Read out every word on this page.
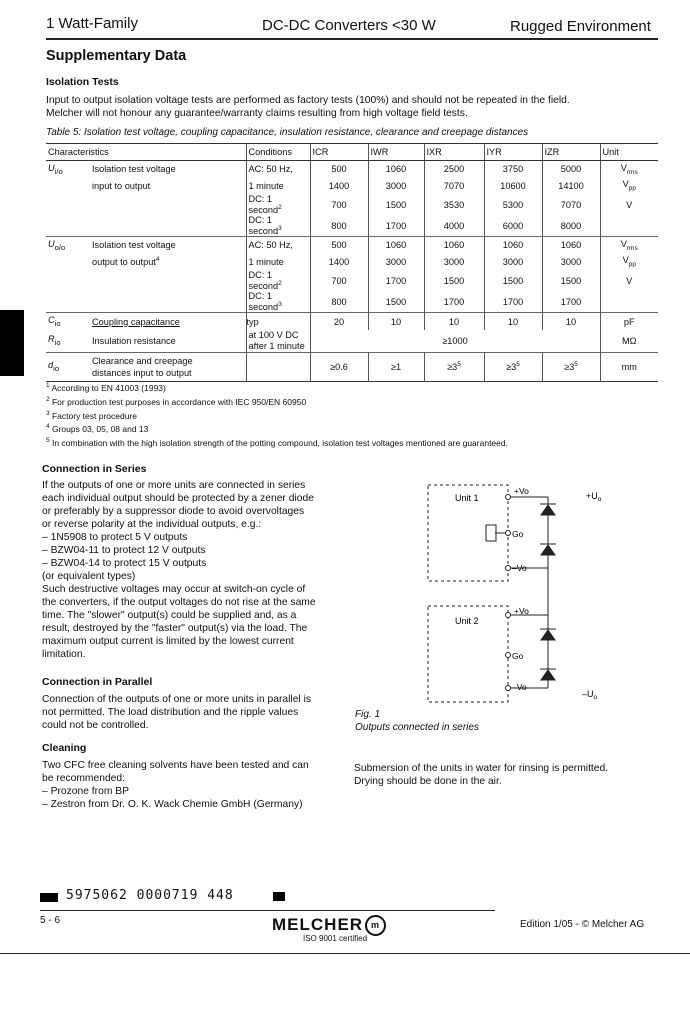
1 Watt-Family	DC-DC Converters <30 W	Rugged Environment
Supplementary Data
Isolation Tests

Input to output isolation voltage tests are performed as factory tests (100%) and should not be repeated in the field.

Melcher will not honour any guarantee/warranty claims resulting from high voltage field tests.

Table 5: Isolation test voltage, coupling capacitance, insulation resistance, clearance and creepage distances
Characteristics		Conditions	ICR	IWR	IXR	IYR	IZR	Unit
$U_{i/o}$	Isolation test voltage	AC: 50 Hz,	500	1060	2500	3750	5000	$V_{rms}$
	input to output	1 minute	1400	3000	7070	10600	14100	$V_{pp}$
		DC: 1 second$^2$	700	1500	3530	5300	7070	V
		DC: 1 second$^3$	800	1700	4000	6000	8000	
$U_{o/o}$	Isolation test voltage	AC: 50 Hz,	500	1060	1060	1060	1060	$V_{rms}$
	output to output$^4$	1 minute	1400	3000	3000	3000	3000	$V_{pp}$
		DC: 1 second$^2$	700	1700	1500	1500	1500	V
		DC: 1 second$^3$	800	1500	1700	1700	1700	
$C_{io}$	Coupling capacitance	typ	20	10	10	10	10	pF
$R_{io}$	Insulation resistance	at 100 V DC
after 1 minute	≥1000					MΩ
$d_{io}$	Clearance and creepage
distances input to output		≥0.6	≥1	$\ge 3^5$	$\ge 3^5$	$\ge 3^5$	mm
$^1$ According to EN 41003 (1993)
$^2$ For production test purposes in accordance with IEC 950/EN 60950
$^3$ Factory test procedure
$^4$ Groups 03, 05, 08 and 13
$^5$ In combination with the high isolation strength of the potting compound, isolation test voltages mentioned are guaranteed.
Connection in Series
If the outputs of one or more units are connected in series
each individual output should be protected by a zener diode
or preferably by a suppressor diode to avoid overvoltages
or reverse polarity at the individual outputs, e.g.:
– 1N5908 to protect 5 V outputs
– BZW04-11 to protect 12 V outputs
– BZW04-14 to protect 15 V outputs
(or equivalent types)
Such destructive voltages may occur at switch-on cycle of
the converters, if the output voltages do not rise at the same
time. The "slower" output(s) could be supplied and, as a
result, destroyed by the "faster" output(s) via the load. The
maximum output current is limited by the lowest current
limitation.
Connection in Parallel
Connection of the outputs of one or more units in parallel is
not permitted. The load distribution and the ripple values
could not be controlled.
Cleaning
Two CFC free cleaning solvents have been tested and can
be recommended:
– Prozone from BP
– Zestron from Dr. O. K. Wack Chemie GmbH (Germany)

Submersion of the units in water for rinsing is permitted.

Drying should be done in the air.

Unit 1
Unit 2
+Vo
Go
–Vo
+Vo
Go
–Vo
$+U_o$
$-U_o$
Fig. 1
Outputs connected in series
5975062 0000719 448
5 - 6	MELCHER m
ISO 9001 certified
Edition 1/05 - © Melcher AG
